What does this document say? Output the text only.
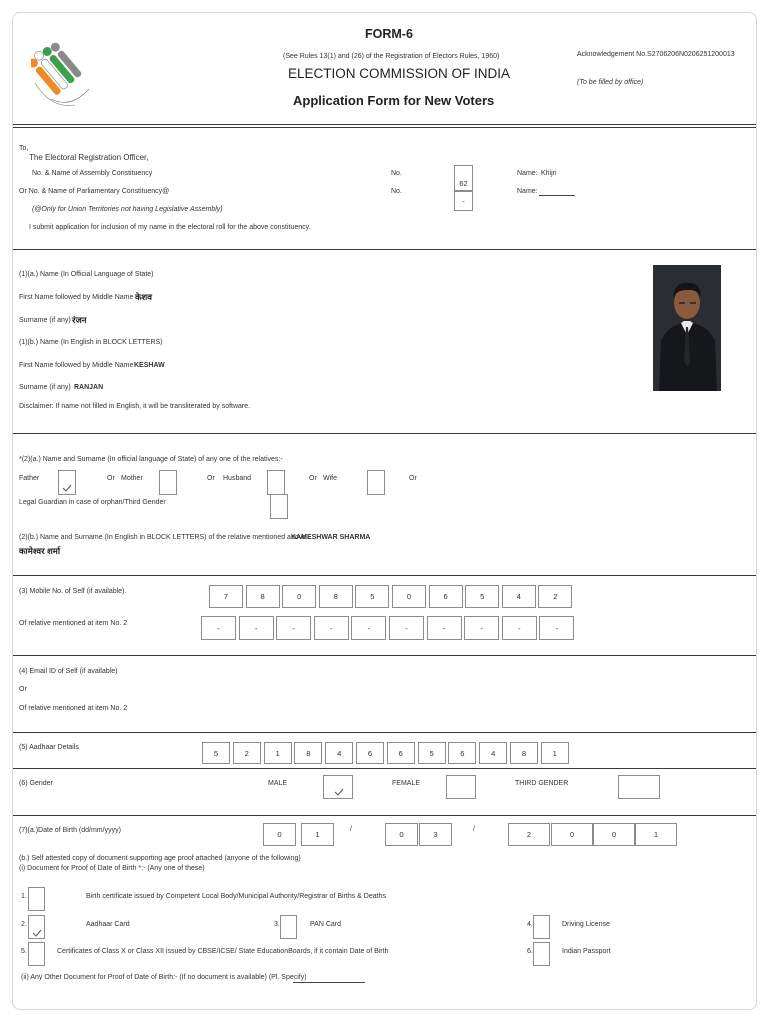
FORM-6
(See Rules 13(1) and (26) of the Registration of Electors Rules, 1960)
ELECTION COMMISSION OF INDIA
Application Form for New Voters
Acknowledgement No.S2706206N0206251200013
(To be filled by office)
To,
The Electoral Registration Officer,
No. & Name of Assembly Constituency
Or No. & Name of Parliamentary Constituency@
No.
No.
62
-
Name: Khijri
Name:
(@Only for Union Territories not having Legislative Assembly)
I submit application for inclusion of my name in the electoral roll for the above constituency.
(1)(a.) Name (In Official Language of State)
First Name followed by Middle Name केशव
Surname (if any) रंजन
(1)(b.) Name (In English in BLOCK LETTERS)
First Name followed by Middle Name KESHAW
Surname (if any) RANJAN
Disclaimer: If name not filled in English, it will be transliterated by software.
*(2)(a.) Name and Surname (In official language of State) of any one of the relatives:-
Father	Or Mother	Or Husband	Or Wife	Or
Legal Guardian in case of orphan/Third Gender
(2)(b.) Name and Surname (In English in BLOCK LETTERS) of the relative mentioned above
KAMESHWAR SHARMA
कामेश्वर शर्मा
(3) Mobile No. of Self (if available).
Of relative mentioned at item No. 2
7	8	0	8	5	0	6	5	4	2
-	-	-	-	-	-	-	-	-	-
(4) Email ID of Self (if available)
Or
Of relative mentioned at item No. 2
(5) Aadhaar Details
5	2	1	8	4	6	6	5	6	4	8	1
(6) Gender	MALE	FEMALE	THIRD GENDER
(7)(a.)Date of Birth (dd/mm/yyyy)	0	1	0	3	2	0	0	1
/	/
(b.) Self attested copy of document supporting age proof attached (anyone of the following)
(i) Document for Proof of Date of Birth *:- (Any one of these)
1.	Birth certificate issued by Competent Local Body/Municipal Authority/Registrar of Births & Deaths
2.	Aadhaar Card	3.	PAN Card	4.	Driving License
5.	Certificates of Class X or Class XII issued by CBSE/ICSE/ State EducationBoards, if it contain Date of Birth	6.	Indian Passport
(ii) Any Other Document for Proof of Date of Birth:- (If no document is available) (Pl. Specify)
